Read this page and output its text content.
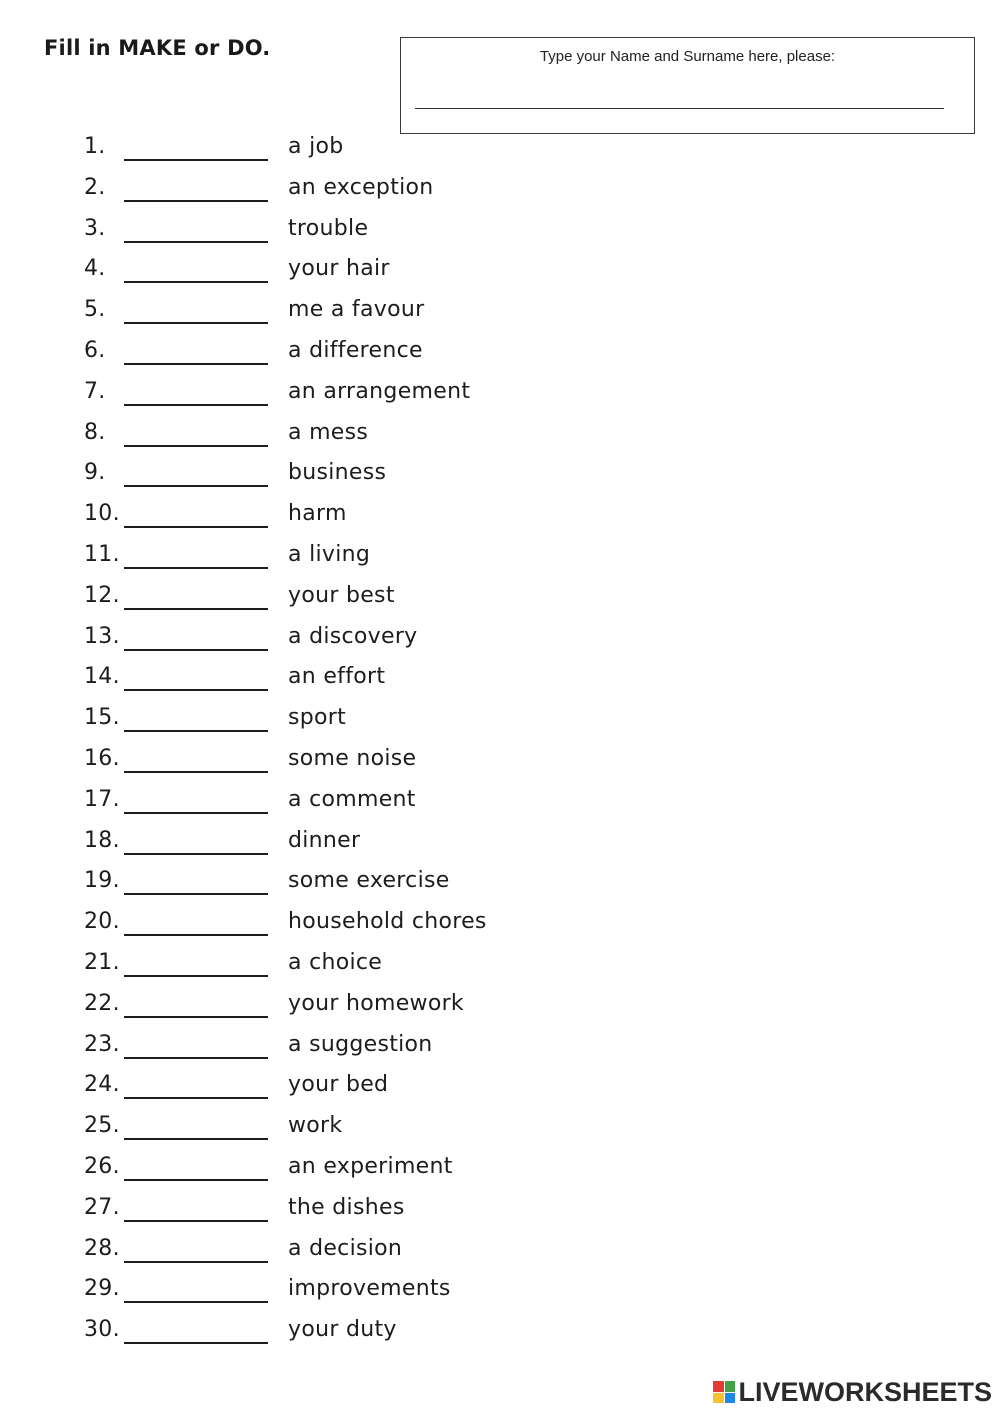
Fill in MAKE or DO.	Type your Name and Surname here, please:
1.	a job
2.	an exception
3.	trouble
4.	your hair
5.	me a favour
6.	a difference
7.	an arrangement
8.	a mess
9.	business
10.	harm
11.	a living
12.	your best
13.	a discovery
14.	an effort
15.	sport
16.	some noise
17.	a comment
18.	dinner
19.	some exercise
20.	household chores
21.	a choice
22.	your homework
23.	a suggestion
24.	your bed
25.	work
26.	an experiment
27.	the dishes
28.	a decision
29.	improvements
30.	your duty
LIVEWORKSHEETS
